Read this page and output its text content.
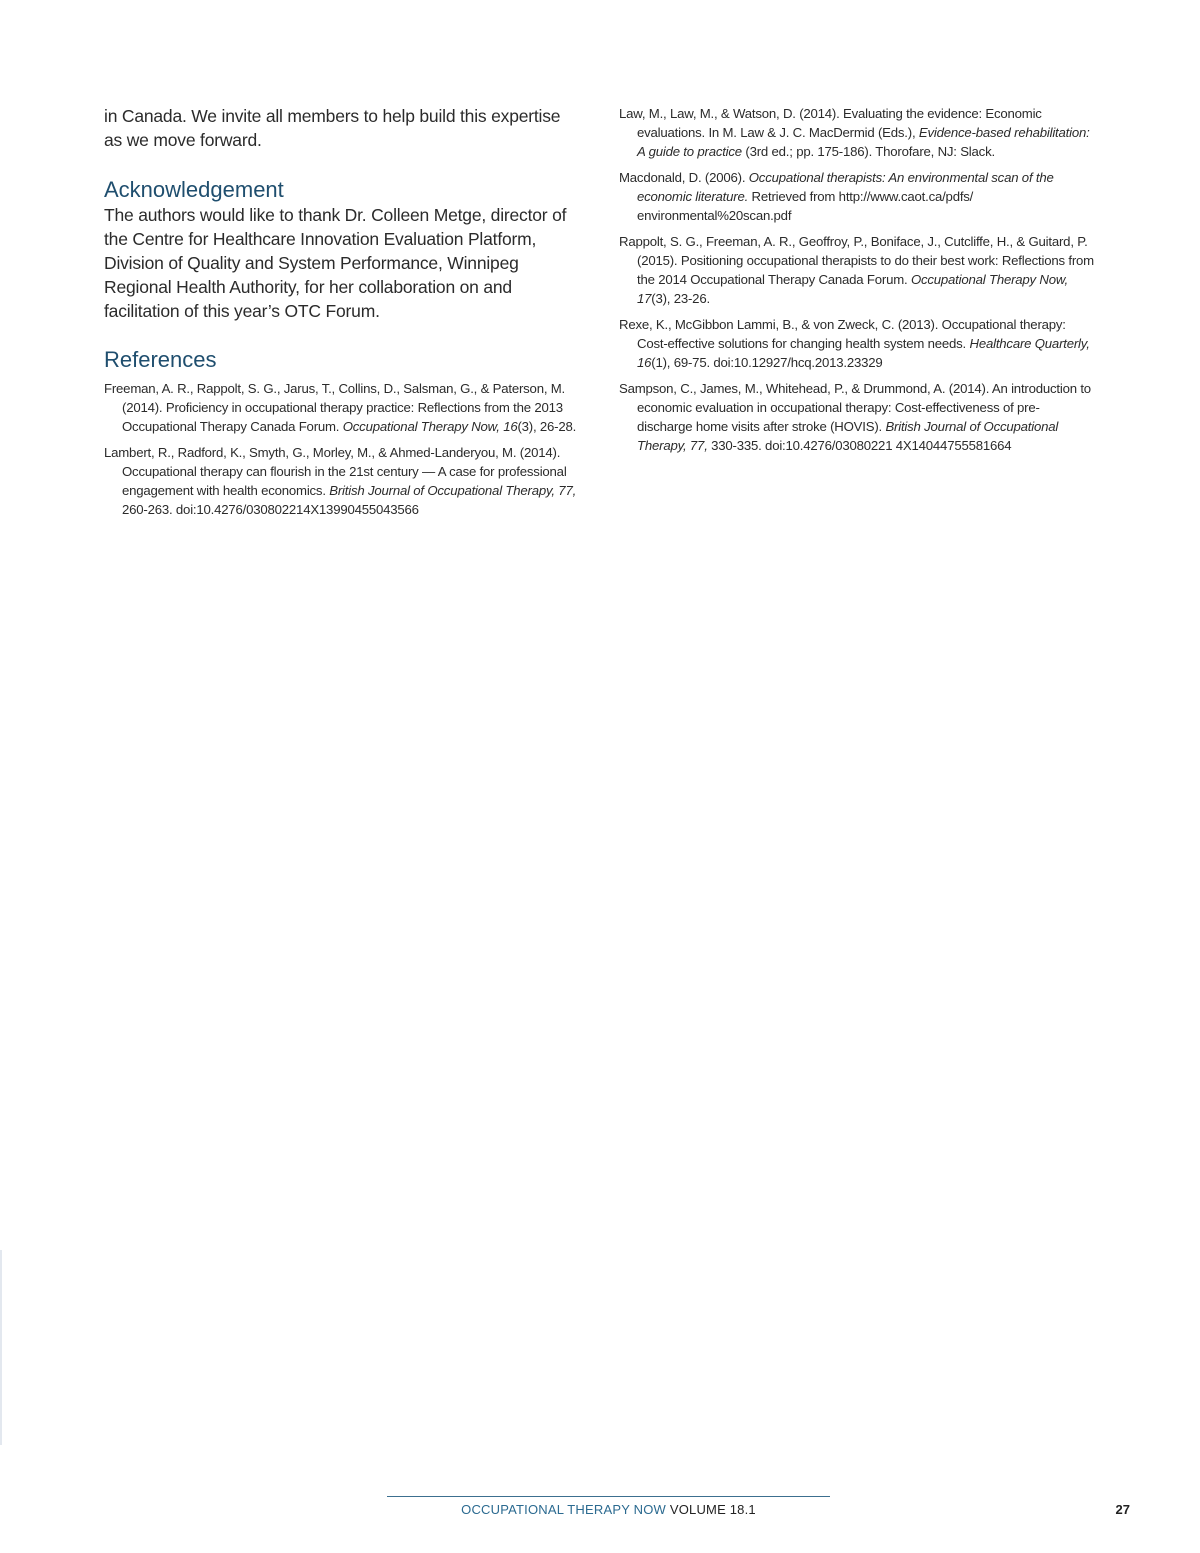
in Canada. We invite all members to help build this expertise as we move forward.

Acknowledgement

The authors would like to thank Dr. Colleen Metge, director of the Centre for Healthcare Innovation Evaluation Platform, Division of Quality and System Performance, Winnipeg Regional Health Authority, for her collaboration on and facilitation of this year’s OTC Forum.

References

Freeman, A. R., Rappolt, S. G., Jarus, T., Collins, D., Salsman, G., & Paterson, M. (2014). Proficiency in occupational therapy practice: Reflections from the 2013 Occupational Therapy Canada Forum. Occupational Therapy Now, 16(3), 26-28.

Lambert, R., Radford, K., Smyth, G., Morley, M., & Ahmed-Landeryou, M. (2014). Occupational therapy can flourish in the 21st century — A case for professional engagement with health economics. British Journal of Occupational Therapy, 77, 260-263. doi:10.4276/030802214X13990455043566

Law, M., Law, M., & Watson, D. (2014). Evaluating the evidence: Economic evaluations. In M. Law & J. C. MacDermid (Eds.), Evidence-based rehabilitation: A guide to practice (3rd ed.; pp. 175-186). Thorofare, NJ: Slack.

Macdonald, D. (2006). Occupational therapists: An environmental scan of the economic literature. Retrieved from http://www.caot.ca/pdfs/ environmental%20scan.pdf

Rappolt, S. G., Freeman, A. R., Geoffroy, P., Boniface, J., Cutcliffe, H., & Guitard, P. (2015). Positioning occupational therapists to do their best work: Reflections from the 2014 Occupational Therapy Canada Forum. Occupational Therapy Now, 17(3), 23-26.

Rexe, K., McGibbon Lammi, B., & von Zweck, C. (2013). Occupational therapy: Cost-effective solutions for changing health system needs. Healthcare Quarterly, 16(1), 69-75. doi:10.12927/hcq.2013.23329

Sampson, C., James, M., Whitehead, P., & Drummond, A. (2014). An introduction to economic evaluation in occupational therapy: Cost-effectiveness of pre-discharge home visits after stroke (HOVIS). British Journal of Occupational Therapy, 77, 330-335. doi:10.4276/03080221 4X14044755581664

OCCUPATIONAL THERAPY NOW VOLUME 18.1	27
